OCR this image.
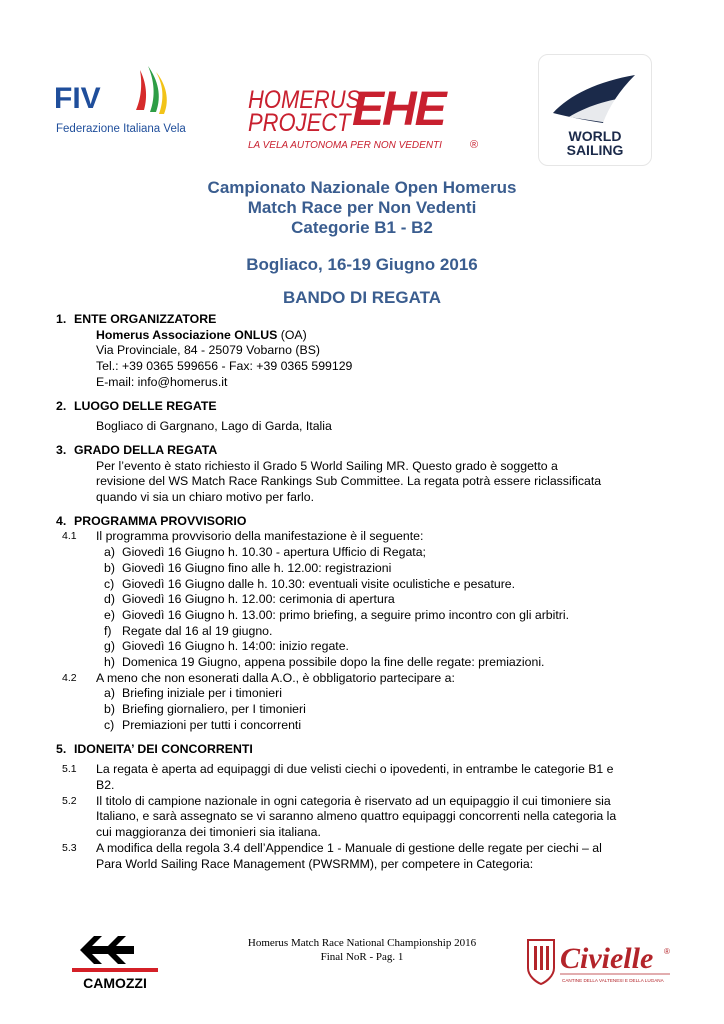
FIV
Federazione Italiana Vela
HOMERUS
PROJECT EHE
LA VELA AUTONOMA PER NON VEDENTI	®
WORLD
SAILING
Campionato Nazionale Open Homerus
Match Race per Non Vedenti
Categorie B1 - B2
Bogliaco, 16-19 Giugno 2016
BANDO DI REGATA
1. ENTE ORGANIZZATORE
Homerus Associazione ONLUS (OA)
Via Provinciale, 84 - 25079 Vobarno (BS)
Tel.: +39 0365 599656 - Fax: +39 0365 599129
E-mail: info@homerus.it
2. LUOGO DELLE REGATE
Bogliaco di Gargnano, Lago di Garda, Italia
3. GRADO DELLA REGATA
Per l’evento è stato richiesto il Grado 5 World Sailing MR. Questo grado è soggetto a
revisione del WS Match Race Rankings Sub Committee. La regata potrà essere riclassificata
quando vi sia un chiaro motivo per farlo.
4. PROGRAMMA PROVVISORIO
4.1	Il programma provvisorio della manifestazione è il seguente:
a) Giovedì 16 Giugno h. 10.30 - apertura Ufficio di Regata;
b) Giovedì 16 Giugno fino alle h. 12.00: registrazioni
c) Giovedì 16 Giugno dalle h. 10.30: eventuali visite oculistiche e pesature.
d) Giovedì 16 Giugno h. 12.00: cerimonia di apertura
e) Giovedì 16 Giugno h. 13.00: primo briefing, a seguire primo incontro con gli arbitri.
f) Regate dal 16 al 19 giugno.
g) Giovedì 16 Giugno h. 14:00: inizio regate.
h) Domenica 19 Giugno, appena possibile dopo la fine delle regate: premiazioni.
4.2	A meno che non esonerati dalla A.O., è obbligatorio partecipare a:
a) Briefing iniziale per i timonieri
b) Briefing giornaliero, per I timonieri
c) Premiazioni per tutti i concorrenti
5. IDONEITA’ DEI CONCORRENTI
5.1	La regata è aperta ad equipaggi di due velisti ciechi o ipovedenti, in entrambe le categorie B1 e
B2.
5.2	Il titolo di campione nazionale in ogni categoria è riservato ad un equipaggio il cui timoniere sia
Italiano, e sarà assegnato se vi saranno almeno quattro equipaggi concorrenti nella categoria la
cui maggioranza dei timonieri sia italiana.
5.3	A modifica della regola 3.4 dell’Appendice 1 - Manuale di gestione delle regate per ciechi – al
Para World Sailing Race Management (PWSRMM), per competere in Categoria:
CAMOZZI
Homerus Match Race National Championship 2016
Final NoR - Pag. 1	Civielle ®
CANTINE DELLA VALTENESI E DELLA LUGANA
